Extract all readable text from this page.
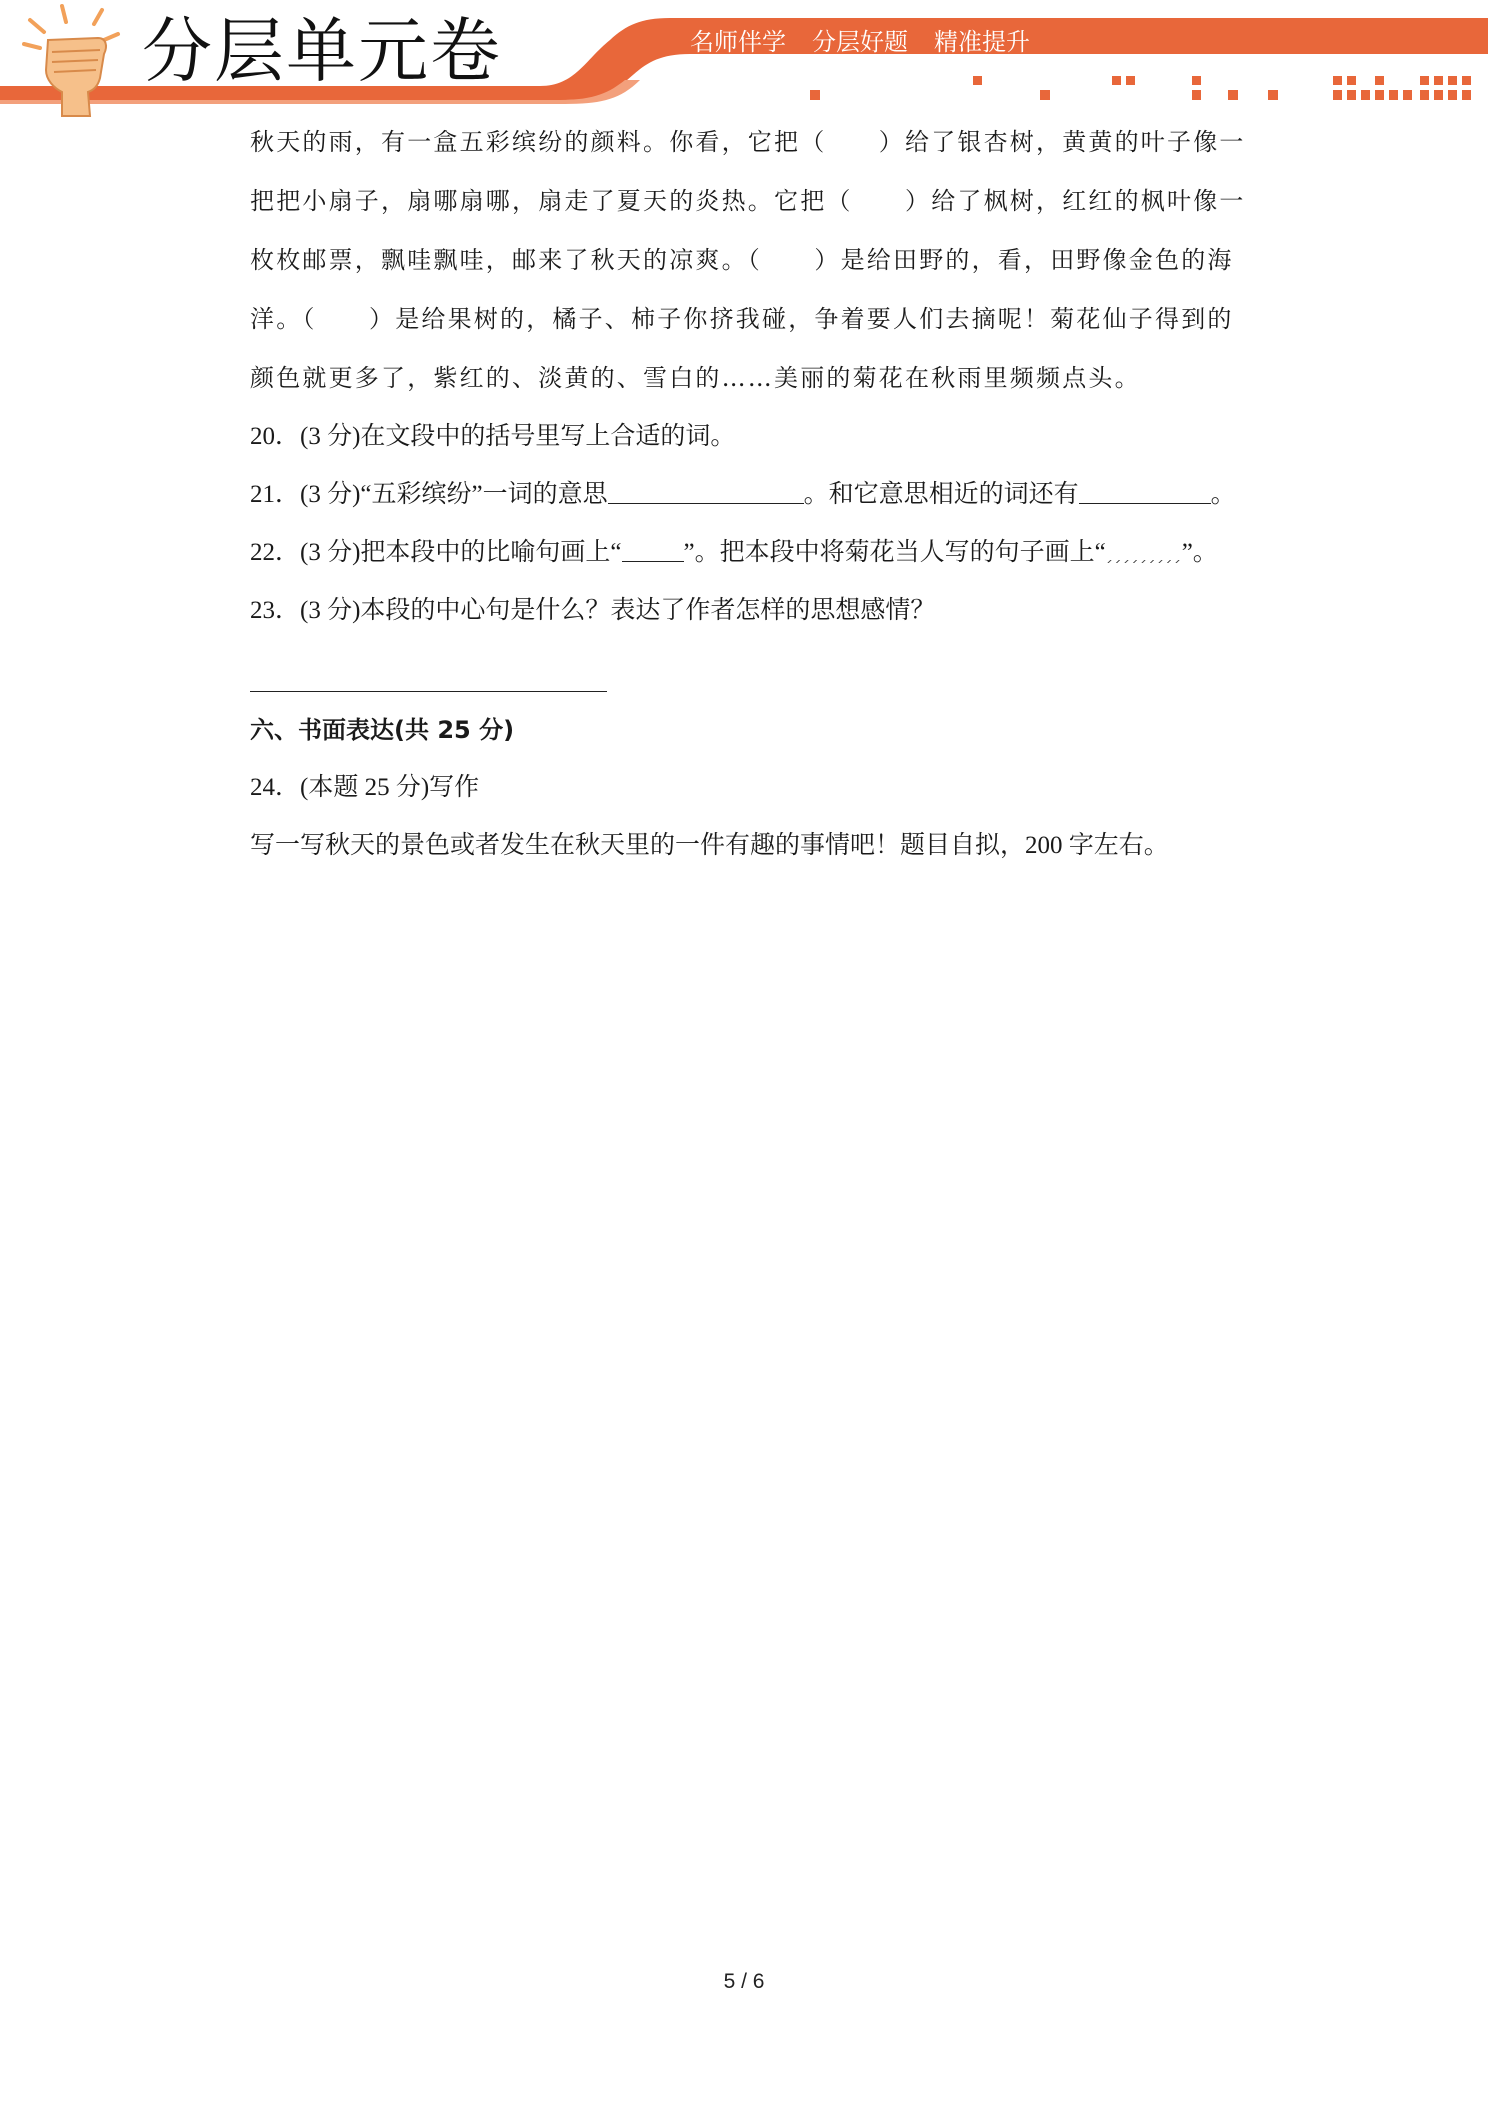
分层单元卷	名师伴学 分层好题 精准提升
秋天的雨，有一盒五彩缤纷的颜料。你看，它把（　　）给了银杏树，黄黄的叶子像一
把把小扇子，扇哪扇哪，扇走了夏天的炎热。它把（　　）给了枫树，红红的枫叶像一
枚枚邮票，飘哇飘哇，邮来了秋天的凉爽。（　　）是给田野的，看，田野像金色的海
洋。（　　）是给果树的，橘子、柿子你挤我碰，争着要人们去摘呢！菊花仙子得到的
颜色就更多了，紫红的、淡黄的、雪白的……美丽的菊花在秋雨里频频点头。
20．(3 分)在文段中的括号里写上合适的词。
21．(3 分)“五彩缤纷”一词的意思	。和它意思相近的词还有	。
22．(3 分)把本段中的比喻句画上“ ”。把本段中将菊花当人写的句子画上“	”。
23．(3 分)本段的中心句是什么？表达了作者怎样的思想感情？
六、书面表达(共 25 分)
24．(本题 25 分)写作
写一写秋天的景色或者发生在秋天里的一件有趣的事情吧！题目自拟，200 字左右。
5 / 6
